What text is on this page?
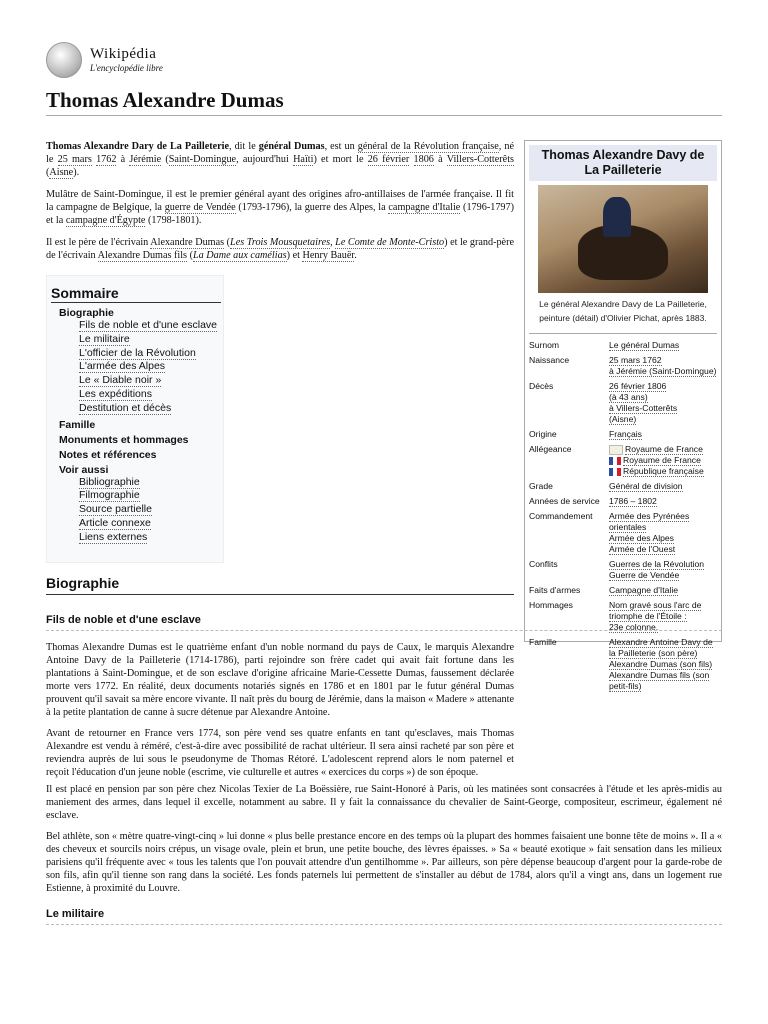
Wikipédia
L'encyclopédie libre
Thomas Alexandre Dumas

Thomas Alexandre Dary de La Pailleterie, dit le général Dumas, est un général de la Révolution française, né le 25 mars 1762 à Jérémie (Saint-Domingue, aujourd'hui Haïti) et mort le 26 février 1806 à Villers-Cotterêts (Aisne).

Mulâtre de Saint-Domingue, il est le premier général ayant des origines afro-antillaises de l'armée française. Il fit la campagne de Belgique, la guerre de Vendée (1793-1796), la guerre des Alpes, la campagne d'Italie (1796-1797) et la campagne d'Égypte (1798-1801).

Il est le père de l'écrivain Alexandre Dumas (Les Trois Mousquetaires, Le Comte de Monte-Cristo) et le grand-père de l'écrivain Alexandre Dumas fils (La Dame aux camélias) et Henry Bauër.

Sommaire
Biographie
Fils de noble et d'une esclave
Le militaire
L'officier de la Révolution
L'armée des Alpes
Le « Diable noir »
Les expéditions
Destitution et décès
Famille
Monuments et hommages
Notes et références
Voir aussi
Bibliographie
Filmographie
Source partielle
Article connexe
Liens externes
Thomas Alexandre Davy de La Pailleterie
Le général Alexandre Davy de La Pailleterie, peinture (détail) d'Olivier Pichat, après 1883.
Surnom	Le général Dumas
Naissance	25 mars 1762
à Jérémie (Saint-Domingue)
Décès	26 février 1806
(à 43 ans)
à Villers-Cotterêts
(Aisne)
Origine	Français
Allégeance	Royaume de France
Royaume de France
République française
Grade	Général de division
Années de service	1786 – 1802
Commandement	Armée des Pyrénées orientales
Armée des Alpes
Armée de l'Ouest
Conflits	Guerres de la Révolution
Guerre de Vendée
Faits d'armes	Campagne d'Italie
Hommages	Nom gravé sous l'arc de triomphe de l'Étoile :
23e colonne.
Famille	Alexandre Antoine Davy de la Pailleterie (son père)
Alexandre Dumas (son fils)
Alexandre Dumas fils (son petit-fils)
Biographie
Fils de noble et d'une esclave

Thomas Alexandre Dumas est le quatrième enfant d'un noble normand du pays de Caux, le marquis Alexandre Antoine Davy de la Pailleterie (1714-1786), parti rejoindre son frère cadet qui avait fait fortune dans les plantations à Saint-Domingue, et de son esclave d'origine africaine Marie-Cessette Dumas, faussement déclarée morte vers 1772. En réalité, deux documents notariés signés en 1786 et en 1801 par le futur général Dumas prouvent qu'il savait sa mère encore vivante. Il naît près du bourg de Jérémie, dans la maison « Madere » attenante à la petite plantation de canne à sucre détenue par Alexandre Antoine.

Avant de retourner en France vers 1774, son père vend ses quatre enfants en tant qu'esclaves, mais Thomas Alexandre est vendu à réméré, c'est-à-dire avec possibilité de rachat ultérieur. Il sera ainsi racheté par son père et reviendra auprès de lui sous le pseudonyme de Thomas Rétoré. L'adolescent reprend alors le nom paternel et reçoit l'éducation d'un jeune noble (escrime, vie culturelle et autres « exercices du corps ») de son époque.

Il est placé en pension par son père chez Nicolas Texier de La Boëssière, rue Saint-Honoré à Paris, où les matinées sont consacrées à l'étude et les après-midis au maniement des armes, dans lequel il excelle, notamment au sabre. Il y fait la connaissance du chevalier de Saint-George, compositeur, escrimeur, également né esclave.

Bel athlète, son « mètre quatre-vingt-cinq » lui donne « plus belle prestance encore en des temps où la plupart des hommes faisaient une bonne tête de moins ». Il a « des cheveux et sourcils noirs crépus, un visage ovale, plein et brun, une petite bouche, des lèvres épaisses. » Sa « beauté exotique » fait sensation dans les milieux parisiens qu'il fréquente avec « tous les talents que l'on pouvait attendre d'un gentilhomme ». Par ailleurs, son père dépense beaucoup d'argent pour la garde-robe de son fils, afin qu'il tienne son rang dans la société. Les fonds paternels lui permettent de s'installer au début de 1784, alors qu'il a vingt ans, dans un logement rue Estienne, à proximité du Louvre.

Le militaire
